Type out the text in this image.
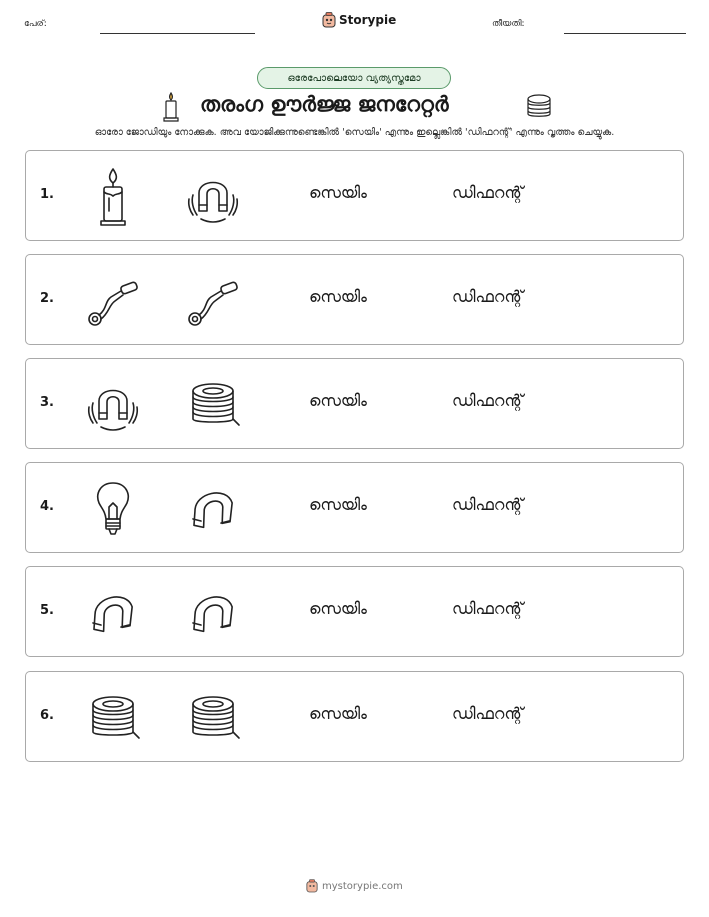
പേര്:	Storypie	തീയതി:
ഒരേപോലെയോ വ്യത്യസ്തമോ
തരംഗ ഊർജ്ജ ജനറേറ്റർ
ഓരോ ജോഡിയും നോക്കുക. അവ യോജിക്കുന്നുണ്ടെങ്കിൽ 'സെയിം' എന്നും ഇല്ലെങ്കിൽ 'ഡിഫറന്റ്' എന്നും വൃത്തം ചെയ്യുക.
1.	സെയിം	ഡിഫറന്റ്
2.	സെയിം	ഡിഫറന്റ്
3.	സെയിം	ഡിഫറന്റ്
4.	സെയിം	ഡിഫറന്റ്
5.	സെയിം	ഡിഫറന്റ്
6.	സെയിം	ഡിഫറന്റ്
mystorypie.com
